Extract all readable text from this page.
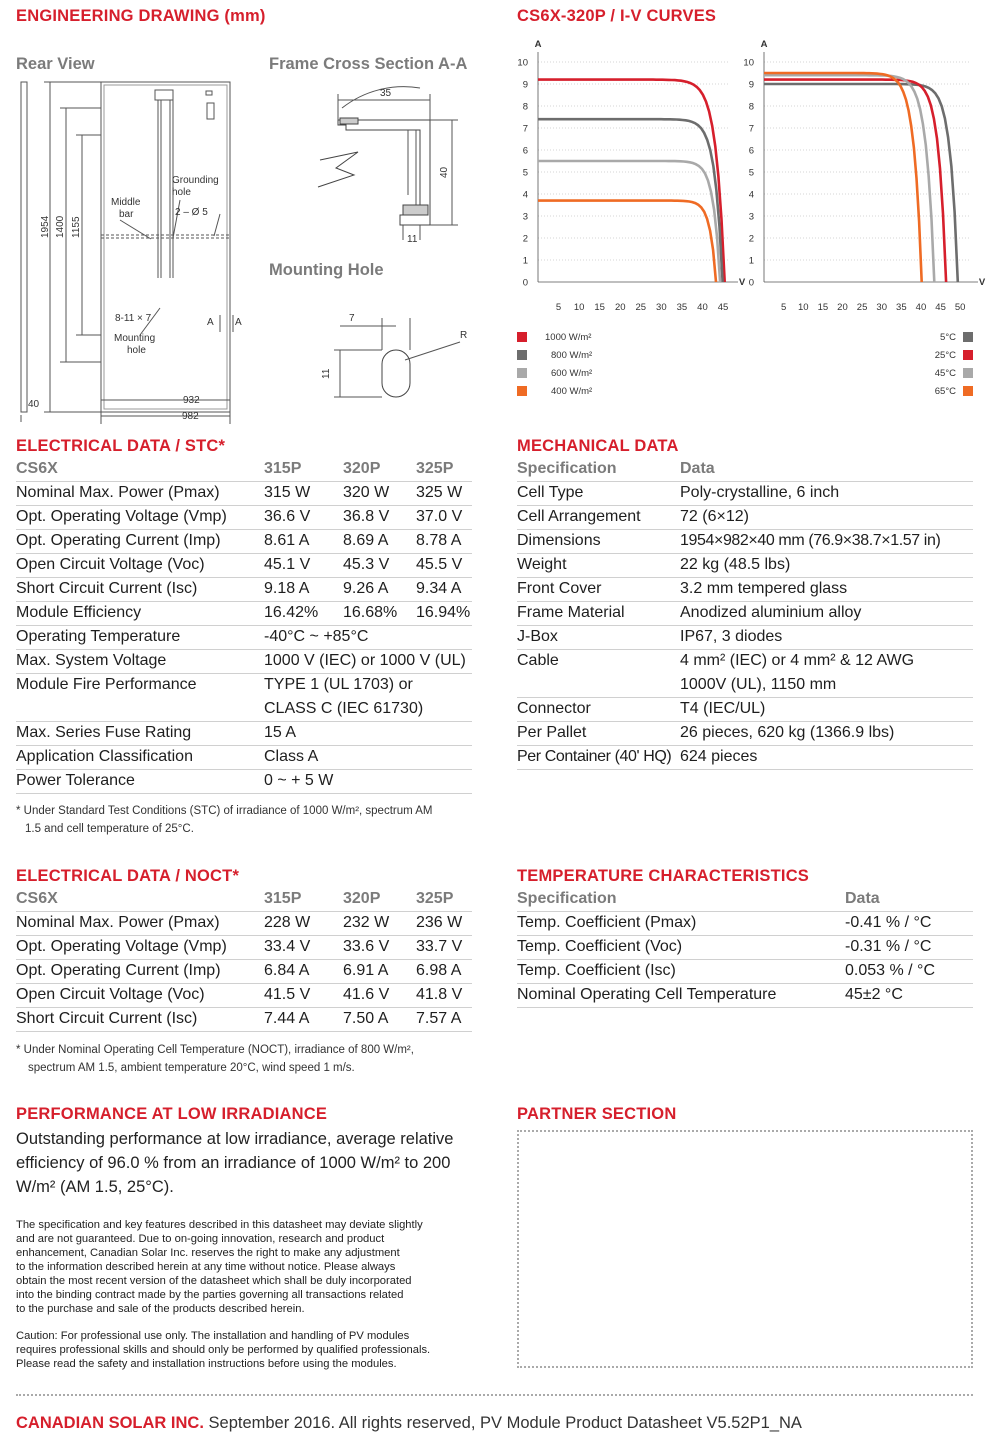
ENGINEERING DRAWING (mm)
Rear View	Frame Cross Section A-A
Mounting Hole
Grounding
hole
2 – Ø 5
Middle
bar
8-11 × 7
Mounting
hole
A A
40	932
982
35
11
7
R
1954 1400 1155
40
11
CS6X-320P / I-V CURVES
10
9
8
7
6
5
4
3
2
1
0
A
V
5 10 15 20 25 30 35 40 45
10
9
8
7
6
5
4
3
2
1
0
A
V
5 10 15 20 25 30 35 40 45 50
1000 W/m²
800 W/m²
600 W/m²
400 W/m²
5°C
25°C
45°C
65°C
ELECTRICAL DATA / STC*
CS6X	315P	320P	325P
Nominal Max. Power (Pmax)	315 W	320 W	325 W
Opt. Operating Voltage (Vmp)	36.6 V	36.8 V	37.0 V
Opt. Operating Current (Imp)	8.61 A	8.69 A	8.78 A
Open Circuit Voltage (Voc)	45.1 V	45.3 V	45.5 V
Short Circuit Current (Isc)	9.18 A	9.26 A	9.34 A
Module Efficiency	16.42%	16.68%	16.94%
Operating Temperature	-40°C ~ +85°C		
Max. System Voltage	1000 V (IEC) or 1000 V (UL)		
Module Fire Performance	TYPE 1 (UL 1703) or		
	CLASS C (IEC 61730)		
Max. Series Fuse Rating	15 A		
Application Classification	Class A		
Power Tolerance	0 ~ + 5 W		
* Under Standard Test Conditions (STC) of irradiance of 1000 W/m², spectrum AM
1.5 and cell temperature of 25°C.
MECHANICAL DATA
Specification	Data
Cell Type	Poly-crystalline, 6 inch
Cell Arrangement	72 (6×12)
Dimensions	1954×982×40 mm (76.9×38.7×1.57 in)
Weight	22 kg (48.5 lbs)
Front Cover	3.2 mm tempered glass
Frame Material	Anodized aluminium alloy
J-Box	IP67, 3 diodes
Cable	4 mm² (IEC) or 4 mm² & 12 AWG
	1000V (UL), 1150 mm
Connector	T4 (IEC/UL)
Per Pallet	26 pieces, 620 kg (1366.9 lbs)
Per Container (40' HQ)	624 pieces
ELECTRICAL DATA / NOCT*
CS6X	315P	320P	325P
Nominal Max. Power (Pmax)	228 W	232 W	236 W
Opt. Operating Voltage (Vmp)	33.4 V	33.6 V	33.7 V
Opt. Operating Current (Imp)	6.84 A	6.91 A	6.98 A
Open Circuit Voltage (Voc)	41.5 V	41.6 V	41.8 V
Short Circuit Current (Isc)	7.44 A	7.50 A	7.57 A
* Under Nominal Operating Cell Temperature (NOCT), irradiance of 800 W/m²,
spectrum AM 1.5, ambient temperature 20°C, wind speed 1 m/s.
TEMPERATURE CHARACTERISTICS
Specification	Data
Temp. Coefficient (Pmax)	-0.41 % / °C
Temp. Coefficient (Voc)	-0.31 % / °C
Temp. Coefficient (Isc)	0.053 % / °C
Nominal Operating Cell Temperature	45±2 °C
PERFORMANCE AT LOW IRRADIANCE
Outstanding performance at low irradiance, average relative
efficiency of 96.0 % from an irradiance of 1000 W/m² to 200
W/m² (AM 1.5, 25°C).
The specification and key features described in this datasheet may deviate slightly
and are not guaranteed. Due to on-going innovation, research and product
enhancement, Canadian Solar Inc. reserves the right to make any adjustment
to the information described herein at any time without notice. Please always
obtain the most recent version of the datasheet which shall be duly incorporated
into the binding contract made by the parties governing all transactions related
to the purchase and sale of the products described herein.
Caution: For professional use only. The installation and handling of PV modules
requires professional skills and should only be performed by qualified professionals.
Please read the safety and installation instructions before using the modules.
PARTNER SECTION
CANADIAN SOLAR INC. September 2016. All rights reserved, PV Module Product Datasheet V5.52P1_NA
